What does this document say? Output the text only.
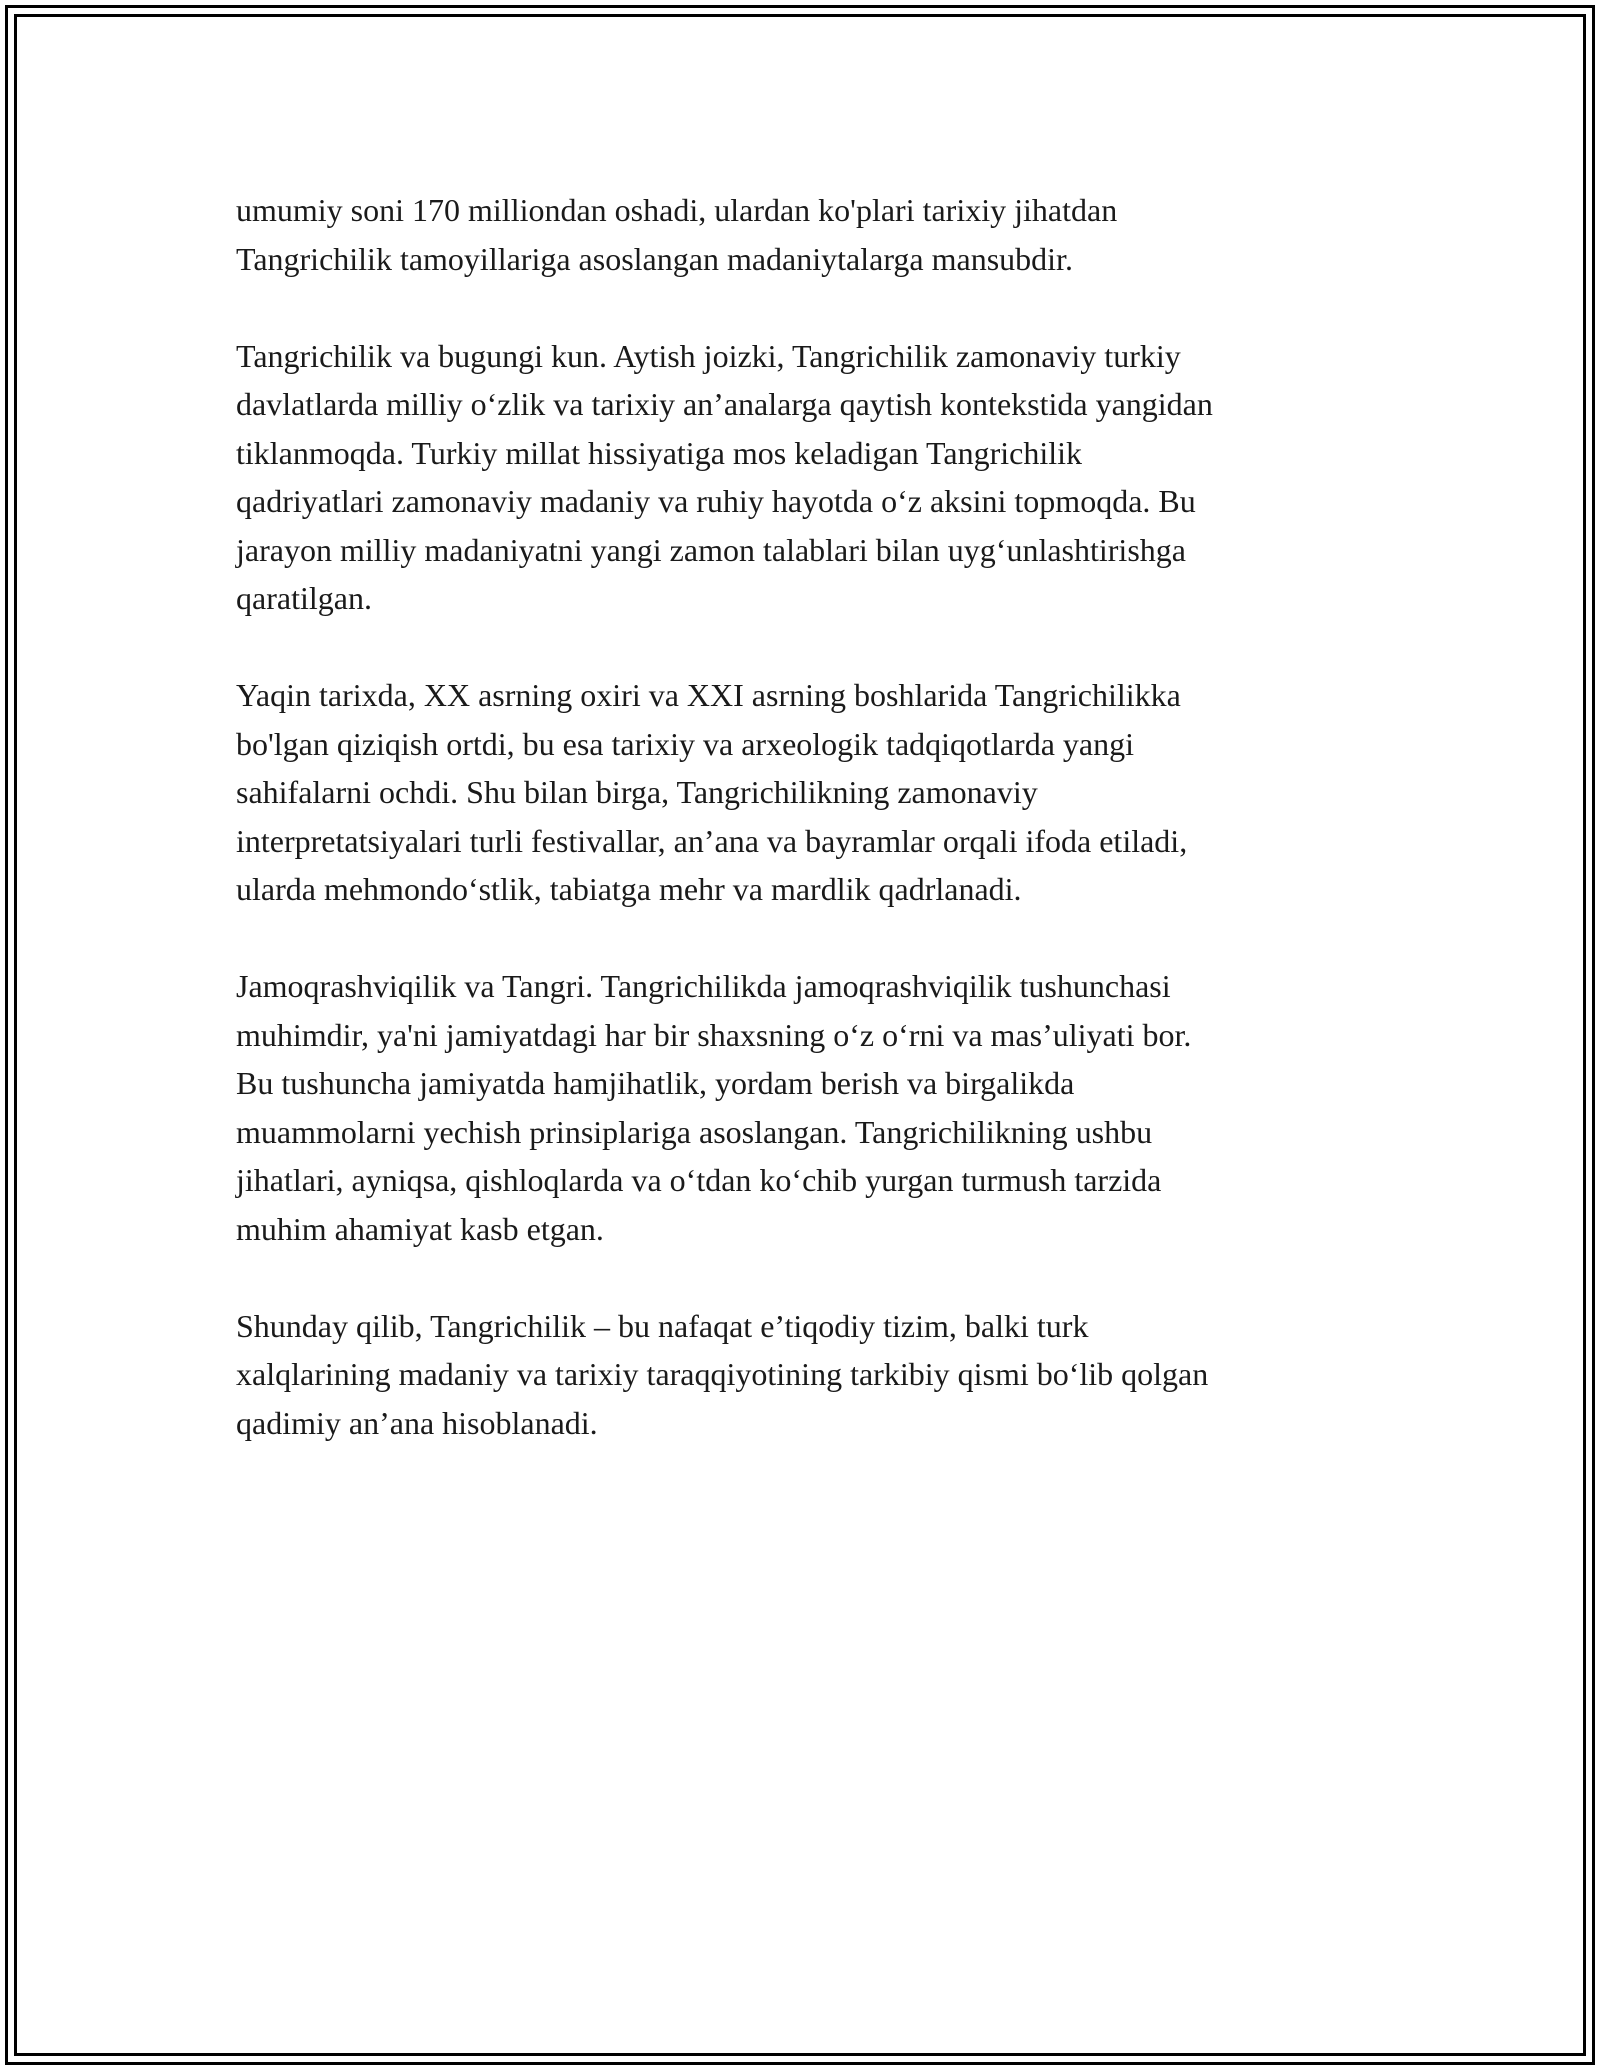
umumiy soni 170 milliondan oshadi, ulardan ko'plari tarixiy jihatdan
Tangrichilik tamoyillariga asoslangan madaniytalarga mansubdir.

Tangrichilik va bugungi kun. Aytish joizki, Tangrichilik zamonaviy turkiy
davlatlarda milliy o‘zlik va tarixiy an’analarga qaytish kontekstida yangidan
tiklanmoqda. Turkiy millat hissiyatiga mos keladigan Tangrichilik
qadriyatlari zamonaviy madaniy va ruhiy hayotda o‘z aksini topmoqda. Bu
jarayon milliy madaniyatni yangi zamon talablari bilan uyg‘unlashtirishga
qaratilgan.

Yaqin tarixda, XX asrning oxiri va XXI asrning boshlarida Tangrichilikka
bo'lgan qiziqish ortdi, bu esa tarixiy va arxeologik tadqiqotlarda yangi
sahifalarni ochdi. Shu bilan birga, Tangrichilikning zamonaviy
interpretatsiyalari turli festivallar, an’ana va bayramlar orqali ifoda etiladi,
ularda mehmondo‘stlik, tabiatga mehr va mardlik qadrlanadi.

Jamoqrashviqilik va Tangri. Tangrichilikda jamoqrashviqilik tushunchasi
muhimdir, ya'ni jamiyatdagi har bir shaxsning o‘z o‘rni va mas’uliyati bor.
Bu tushuncha jamiyatda hamjihatlik, yordam berish va birgalikda
muammolarni yechish prinsiplariga asoslangan. Tangrichilikning ushbu
jihatlari, ayniqsa, qishloqlarda va o‘tdan ko‘chib yurgan turmush tarzida
muhim ahamiyat kasb etgan.

Shunday qilib, Tangrichilik – bu nafaqat e’tiqodiy tizim, balki turk
xalqlarining madaniy va tarixiy taraqqiyotining tarkibiy qismi bo‘lib qolgan
qadimiy an’ana hisoblanadi.
